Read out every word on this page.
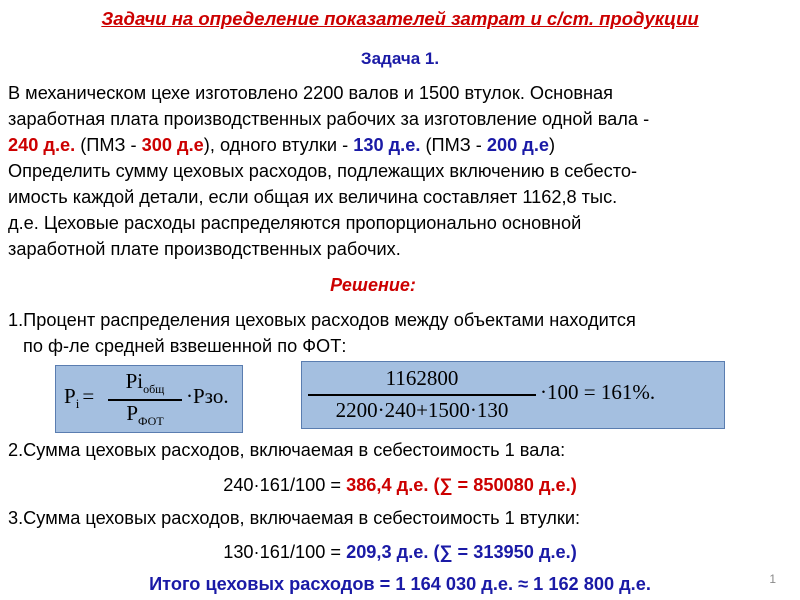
Задачи на определение показателей затрат и с/ст. продукции
Задача 1.
В механическом цехе изготовлено 2200 валов и 1500 втулок. Основная
заработная плата производственных рабочих за изготовление одной вала -
240 д.е. (ПМЗ - 300 д.е), одного втулки - 130 д.е. (ПМЗ - 200 д.е)
Определить сумму цеховых расходов, подлежащих включению в себесто-
имость каждой детали, если общая их величина составляет 1162,8 тыс.
д.е. Цеховые расходы распределяются пропорционально основной
заработной плате производственных рабочих.
Решение:
1.Процент распределения цеховых расходов между объектами находится
по ф-ле средней взвешенной по ФОТ:
$P_i$ =
$Pi_{общ}$
$P_{ФОТ}$
·Pзо.
1162800
2200·240+1500·130
·100 = 161%.
2.Сумма цеховых расходов, включаемая в себестоимость 1 вала:
240·161/100 = 386,4 д.е. (∑ = 850080 д.е.)
3.Сумма цеховых расходов, включаемая в себестоимость 1 втулки:
130·161/100 = 209,3 д.е. (∑ = 313950 д.е.)
Итого цеховых расходов = 1 164 030 д.е. ≈ 1 162 800 д.е.	1
